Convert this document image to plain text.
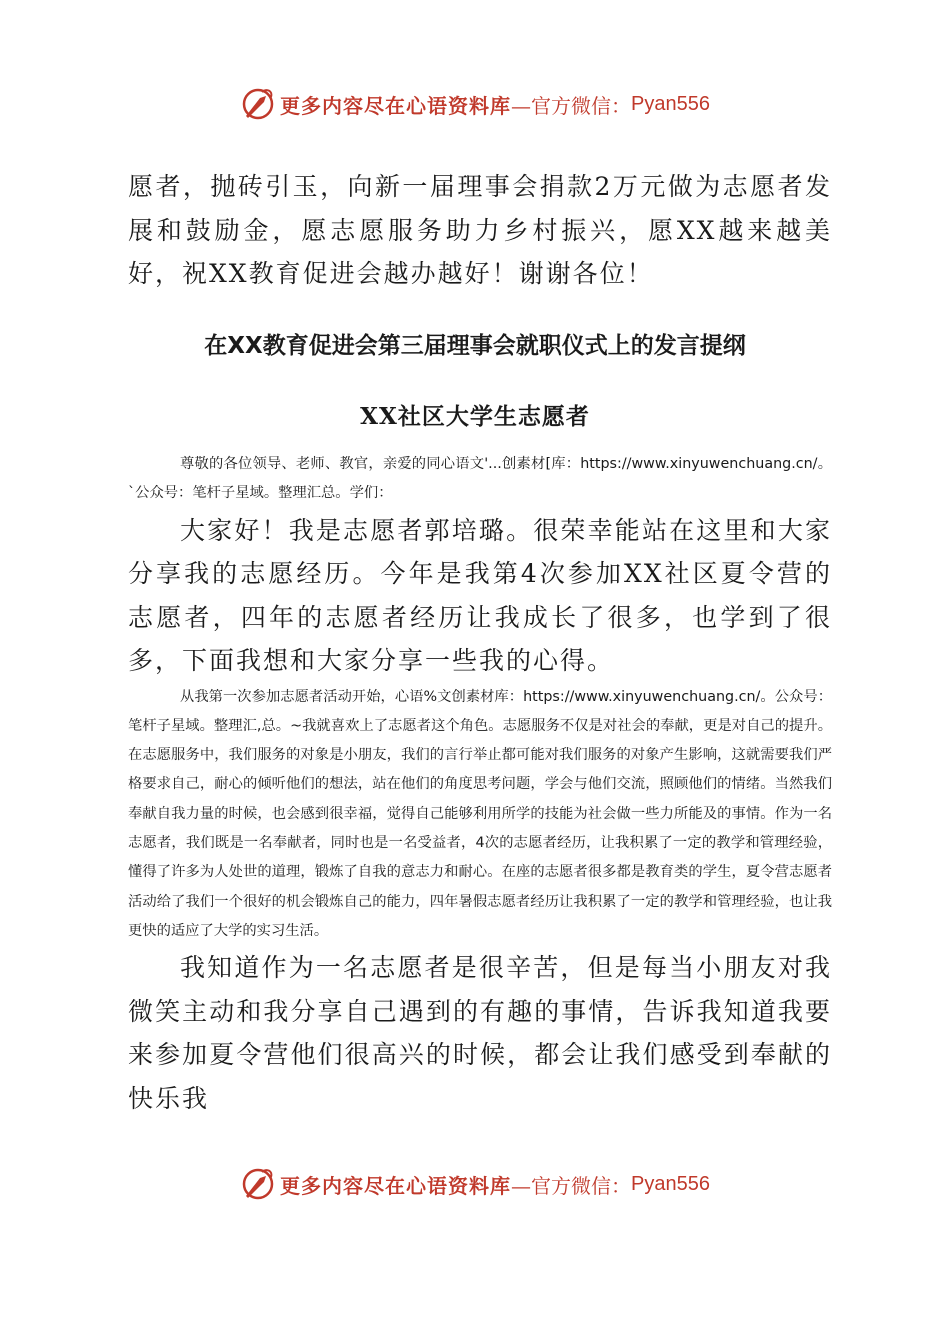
更多内容尽在心语资料库 —官方微信： Pyan556

愿者，抛砖引玉，向新一届理事会捐款2万元做为志愿者发展和鼓励金，愿志愿服务助力乡村振兴，愿XX越来越美好，祝XX教育促进会越办越好！谢谢各位！

在XX教育促进会第三届理事会就职仪式上的发言提纲
XX社区大学生志愿者

尊敬的各位领导、老师、教官，亲爱的同心语文'...创素材[库：https://www.xinyuwenchuang.cn/。`公众号：笔杆子星域。整理汇总。学们：

大家好！我是志愿者郭培璐。很荣幸能站在这里和大家分享我的志愿经历。今年是我第4次参加XX社区夏令营的志愿者，四年的志愿者经历让我成长了很多，也学到了很多，下面我想和大家分享一些我的心得。

从我第一次参加志愿者活动开始，心语%文创素材库：https://www.xinyuwenchuang.cn/。公众号：笔杆子星域。整理汇,总。~我就喜欢上了志愿者这个角色。志愿服务不仅是对社会的奉献，更是对自己的提升。在志愿服务中，我们服务的对象是小朋友，我们的言行举止都可能对我们服务的对象产生影响，这就需要我们严格要求自己，耐心的倾听他们的想法，站在他们的角度思考问题，学会与他们交流，照顾他们的情绪。当然我们奉献自我力量的时候，也会感到很幸福，觉得自己能够利用所学的技能为社会做一些力所能及的事情。作为一名志愿者，我们既是一名奉献者，同时也是一名受益者，4次的志愿者经历，让我积累了一定的教学和管理经验，懂得了许多为人处世的道理，锻炼了自我的意志力和耐心。在座的志愿者很多都是教育类的学生，夏令营志愿者活动给了我们一个很好的机会锻炼自己的能力，四年暑假志愿者经历让我积累了一定的教学和管理经验，也让我更快的适应了大学的实习生活。

我知道作为一名志愿者是很辛苦，但是每当小朋友对我微笑主动和我分享自己遇到的有趣的事情，告诉我知道我要来参加夏令营他们很高兴的时候，都会让我们感受到奉献的快乐我

更多内容尽在心语资料库 —官方微信： Pyan556
